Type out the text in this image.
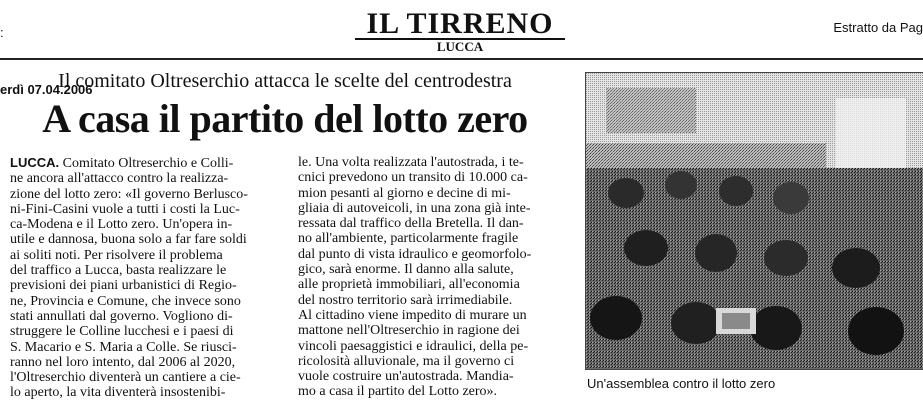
:

erdì 07.04.2006

IL TIRRENO
LUCCA
Estratto da Pag
Il comitato Oltreserchio attacca le scelte del centrodestra
A casa il partito del lotto zero

LUCCA. Comitato Oltreserchio e Colli-

ne ancora all'attacco contro la realizza-

zione del lotto zero: «Il governo Berlusco-

ni-Fini-Casini vuole a tutti i costi la Luc-

ca-Modena e il Lotto zero. Un'opera in-

utile e dannosa, buona solo a far fare soldi

ai soliti noti. Per risolvere il problema

del traffico a Lucca, basta realizzare le

previsioni dei piani urbanistici di Regio-

ne, Provincia e Comune, che invece sono

stati annullati dal governo. Vogliono di-

struggere le Colline lucchesi e i paesi di

S. Macario e S. Maria a Colle. Se riusci-

ranno nel loro intento, dal 2006 al 2020,

l'Oltreserchio diventerà un cantiere a cie-

lo aperto, la vita diventerà insostenibi-

le. Una volta realizzata l'autostrada, i te-

cnici prevedono un transito di 10.000 ca-

mion pesanti al giorno e decine di mi-

gliaia di autoveicoli, in una zona già inte-

ressata dal traffico della Bretella. Il dan-

no all'ambiente, particolarmente fragile

dal punto di vista idraulico e geomorfolo-

gico, sarà enorme. Il danno alla salute,

alle proprietà immobiliari, all'economia

del nostro territorio sarà irrimediabile.

Al cittadino viene impedito di murare un

mattone nell'Oltreserchio in ragione dei

vincoli paesaggistici e idraulici, della pe-

ricolosità alluvionale, ma il governo ci

vuole costruire un'autostrada. Mandia-

mo a casa il partito del Lotto zero».

Un'assemblea contro il lotto zero
